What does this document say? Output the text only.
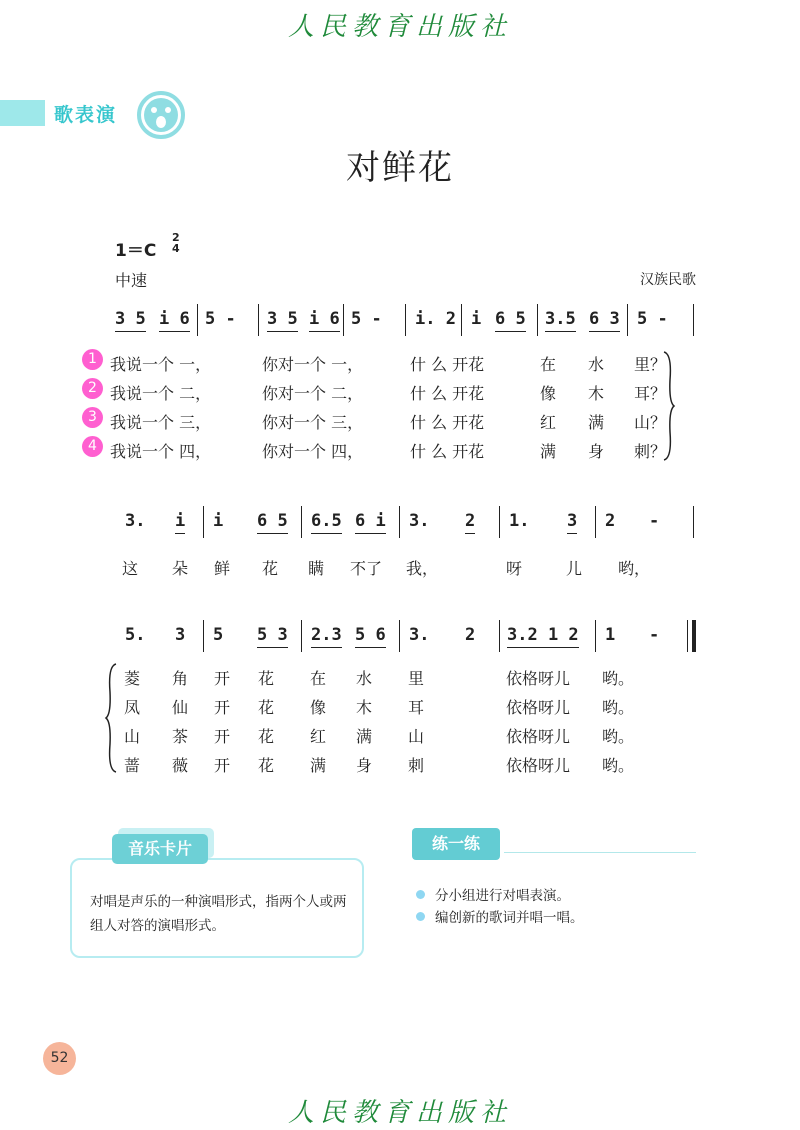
人民教育出版社
歌表演
对鲜花
1＝C
2
4
中速	汉族民歌
3 5 i 6 5 - 3 5 i 6 5 - i. 2 i 6 5 3.5 6 3 5 -
1 我说一个 一，	你对一个 一，	什 么 开花	在 水 里？
2 我说一个 二，	你对一个 二，	什 么 开花	像 木 耳？
3 我说一个 三，	你对一个 三，	什 么 开花	红 满 山？
4 我说一个 四，	你对一个 四，	什 么 开花	满 身 刺？
3. i i 6 5 6.5 6 i 3. 2 1. 3 2 -
这 朵 鲜 花 瞒 不了 我，	呀	儿 哟，
5. 3 5 5 3 2.3 5 6 3. 2 3.2 1 2 1 -
菱 角 开 花 在 水 里	依格呀儿 哟。
凤 仙 开 花 像 木 耳	依格呀儿 哟。
山 茶 开 花 红 满 山	依格呀儿 哟。
蔷 薇 开 花 满 身 刺	依格呀儿 哟。
音乐卡片
对唱是声乐的一种演唱形式，指两个人或两组人对答的演唱形式。
练一练
分小组进行对唱表演。
编创新的歌词并唱一唱。
52
人民教育出版社
